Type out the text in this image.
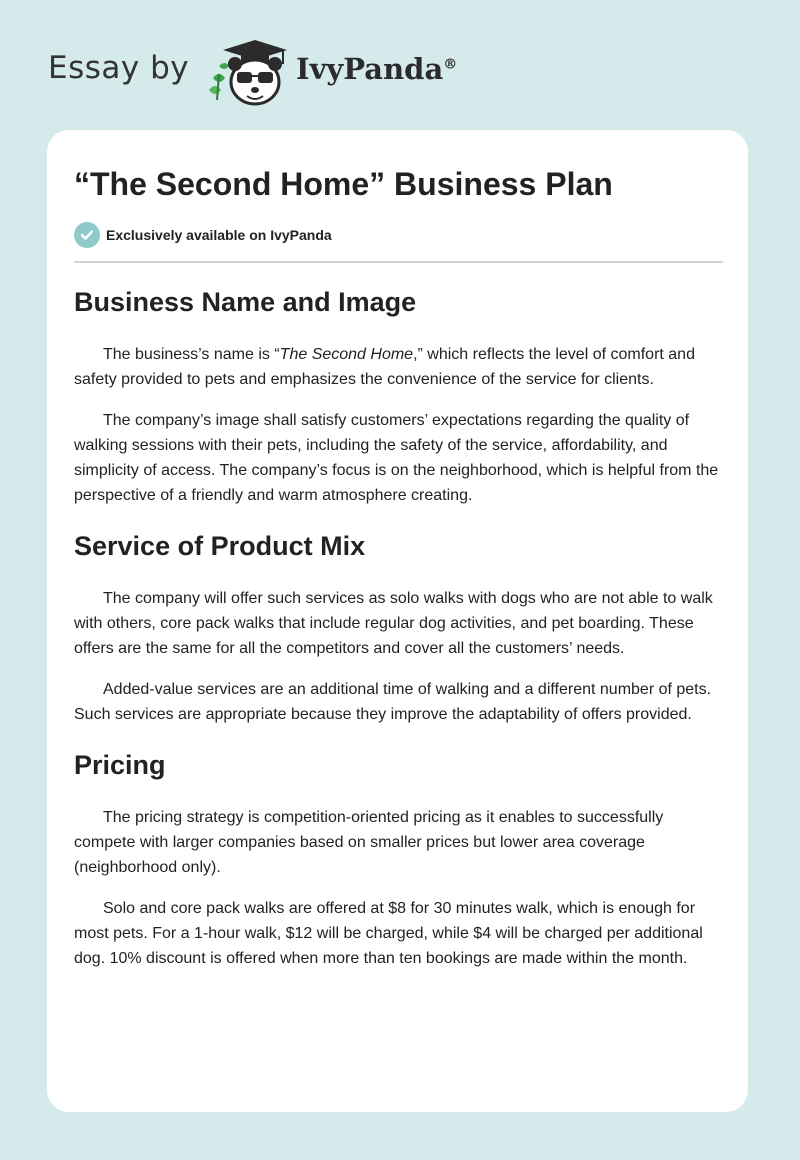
Essay by	IvyPanda®
“The Second Home” Business Plan
Exclusively available on IvyPanda
Business Name and Image

The business’s name is “The Second Home,” which reflects the level of comfort and safety provided to pets and emphasizes the convenience of the service for clients.

The company’s image shall satisfy customers’ expectations regarding the quality of walking sessions with their pets, including the safety of the service, affordability, and simplicity of access. The company’s focus is on the neighborhood, which is helpful from the perspective of a friendly and warm atmosphere creating.

Service of Product Mix

The company will offer such services as solo walks with dogs who are not able to walk with others, core pack walks that include regular dog activities, and pet boarding. These offers are the same for all the competitors and cover all the customers’ needs.

Added-value services are an additional time of walking and a different number of pets. Such services are appropriate because they improve the adaptability of offers provided.

Pricing

The pricing strategy is competition-oriented pricing as it enables to successfully compete with larger companies based on smaller prices but lower area coverage (neighborhood only).

Solo and core pack walks are offered at $8 for 30 minutes walk, which is enough for most pets. For a 1-hour walk, $12 will be charged, while $4 will be charged per additional dog. 10% discount is offered when more than ten bookings are made within the month.
